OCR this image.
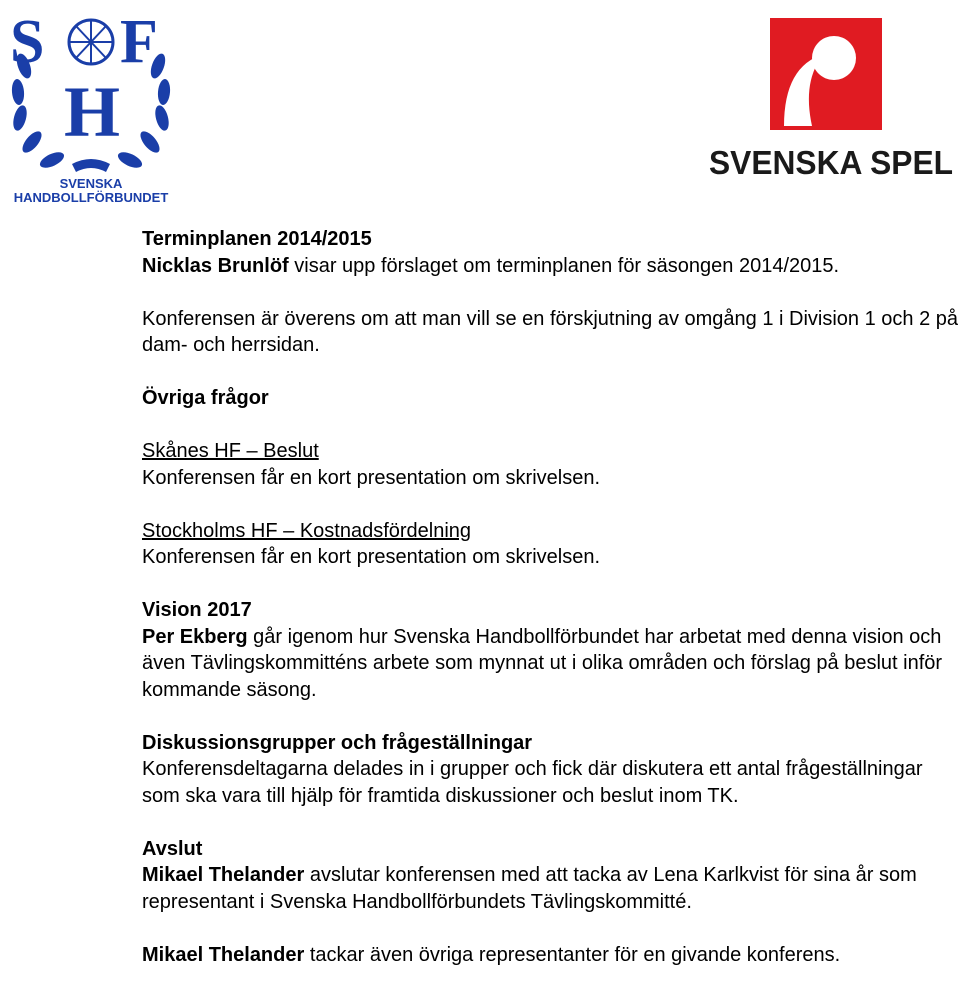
S F
H
SVENSKA
HANDBOLLFÖRBUNDET
SVENSKA SPEL

Terminplanen 2014/2015
Nicklas Brunlöf visar upp förslaget om terminplanen för säsongen 2014/2015.

Konferensen är överens om att man vill se en förskjutning av omgång 1 i Division 1 och 2 på dam- och herrsidan.

Övriga frågor

Skånes HF – Beslut
Konferensen får en kort presentation om skrivelsen.

Stockholms HF – Kostnadsfördelning
Konferensen får en kort presentation om skrivelsen.

Vision 2017
Per Ekberg går igenom hur Svenska Handbollförbundet har arbetat med denna vision och även Tävlingskommitténs arbete som mynnat ut i olika områden och förslag på beslut inför kommande säsong.

Diskussionsgrupper och frågeställningar
Konferensdeltagarna delades in i grupper och fick där diskutera ett antal frågeställningar som ska vara till hjälp för framtida diskussioner och beslut inom TK.

Avslut
Mikael Thelander avslutar konferensen med att tacka av Lena Karlkvist för sina år som representant i Svenska Handbollförbundets Tävlingskommitté.

Mikael Thelander tackar även övriga representanter för en givande konferens.
